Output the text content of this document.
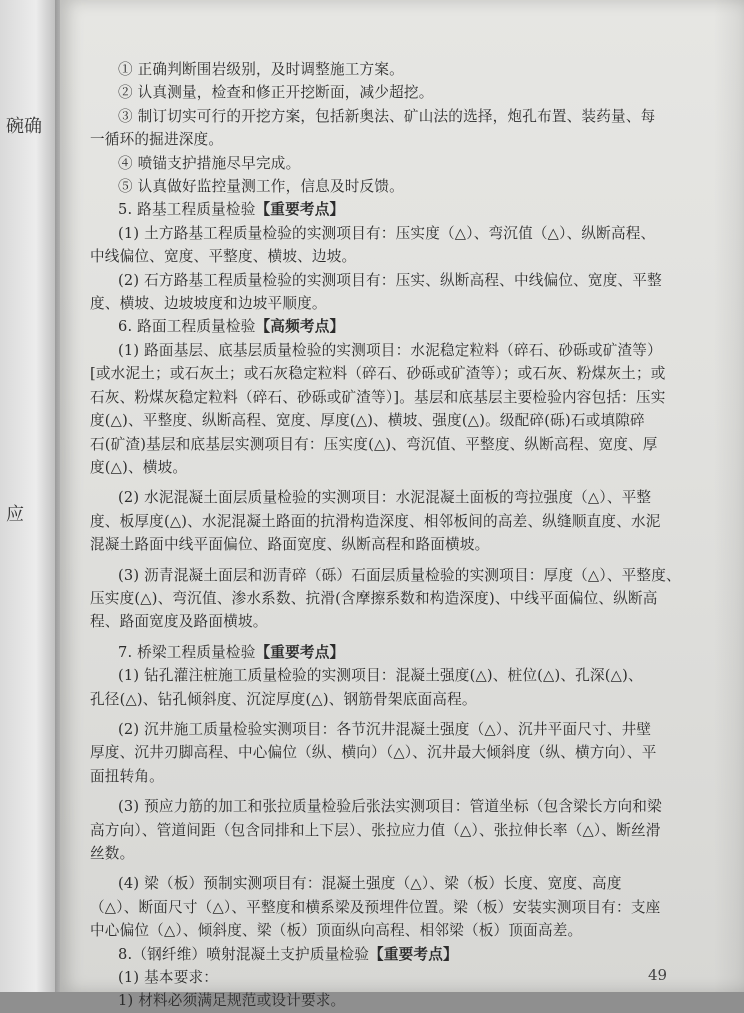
碗确
应
① 正确判断围岩级别，及时调整施工方案。
② 认真测量，检查和修正开挖断面，减少超挖。
③ 制订切实可行的开挖方案，包括新奥法、矿山法的选择，炮孔布置、装药量、每
一循环的掘进深度。
④ 喷锚支护措施尽早完成。
⑤ 认真做好监控量测工作，信息及时反馈。
5. 路基工程质量检验【重要考点】
(1) 土方路基工程质量检验的实测项目有：压实度（△）、弯沉值（△）、纵断高程、
中线偏位、宽度、平整度、横坡、边坡。
(2) 石方路基工程质量检验的实测项目有：压实、纵断高程、中线偏位、宽度、平整
度、横坡、边坡坡度和边坡平顺度。
6. 路面工程质量检验【高频考点】
(1) 路面基层、底基层质量检验的实测项目：水泥稳定粒料（碎石、砂砾或矿渣等）
[或水泥土；或石灰土；或石灰稳定粒料（碎石、砂砾或矿渣等）；或石灰、粉煤灰土；或
石灰、粉煤灰稳定粒料（碎石、砂砾或矿渣等）]。基层和底基层主要检验内容包括：压实
度(△)、平整度、纵断高程、宽度、厚度(△)、横坡、强度(△)。级配碎(砾)石或填隙碎
石(矿渣)基层和底基层实测项目有：压实度(△)、弯沉值、平整度、纵断高程、宽度、厚
度(△)、横坡。
(2) 水泥混凝土面层质量检验的实测项目：水泥混凝土面板的弯拉强度（△）、平整
度、板厚度(△)、水泥混凝土路面的抗滑构造深度、相邻板间的高差、纵缝顺直度、水泥
混凝土路面中线平面偏位、路面宽度、纵断高程和路面横坡。
(3) 沥青混凝土面层和沥青碎（砾）石面层质量检验的实测项目：厚度（△）、平整度、
压实度(△)、弯沉值、渗水系数、抗滑(含摩擦系数和构造深度)、中线平面偏位、纵断高
程、路面宽度及路面横坡。
7. 桥梁工程质量检验【重要考点】
(1) 钻孔灌注桩施工质量检验的实测项目：混凝土强度(△)、桩位(△)、孔深(△)、
孔径(△)、钻孔倾斜度、沉淀厚度(△)、钢筋骨架底面高程。
(2) 沉井施工质量检验实测项目：各节沉井混凝土强度（△）、沉井平面尺寸、井壁
厚度、沉井刃脚高程、中心偏位（纵、横向）（△）、沉井最大倾斜度（纵、横方向）、平
面扭转角。
(3) 预应力筋的加工和张拉质量检验后张法实测项目：管道坐标（包含梁长方向和梁
高方向）、管道间距（包含同排和上下层）、张拉应力值（△）、张拉伸长率（△）、断丝滑
丝数。
(4) 梁（板）预制实测项目有：混凝土强度（△）、梁（板）长度、宽度、高度
（△）、断面尺寸（△）、平整度和横系梁及预埋件位置。梁（板）安装实测项目有：支座
中心偏位（△）、倾斜度、梁（板）顶面纵向高程、相邻梁（板）顶面高差。
8.（钢纤维）喷射混凝土支护质量检验【重要考点】
(1) 基本要求：
1) 材料必须满足规范或设计要求。
49
